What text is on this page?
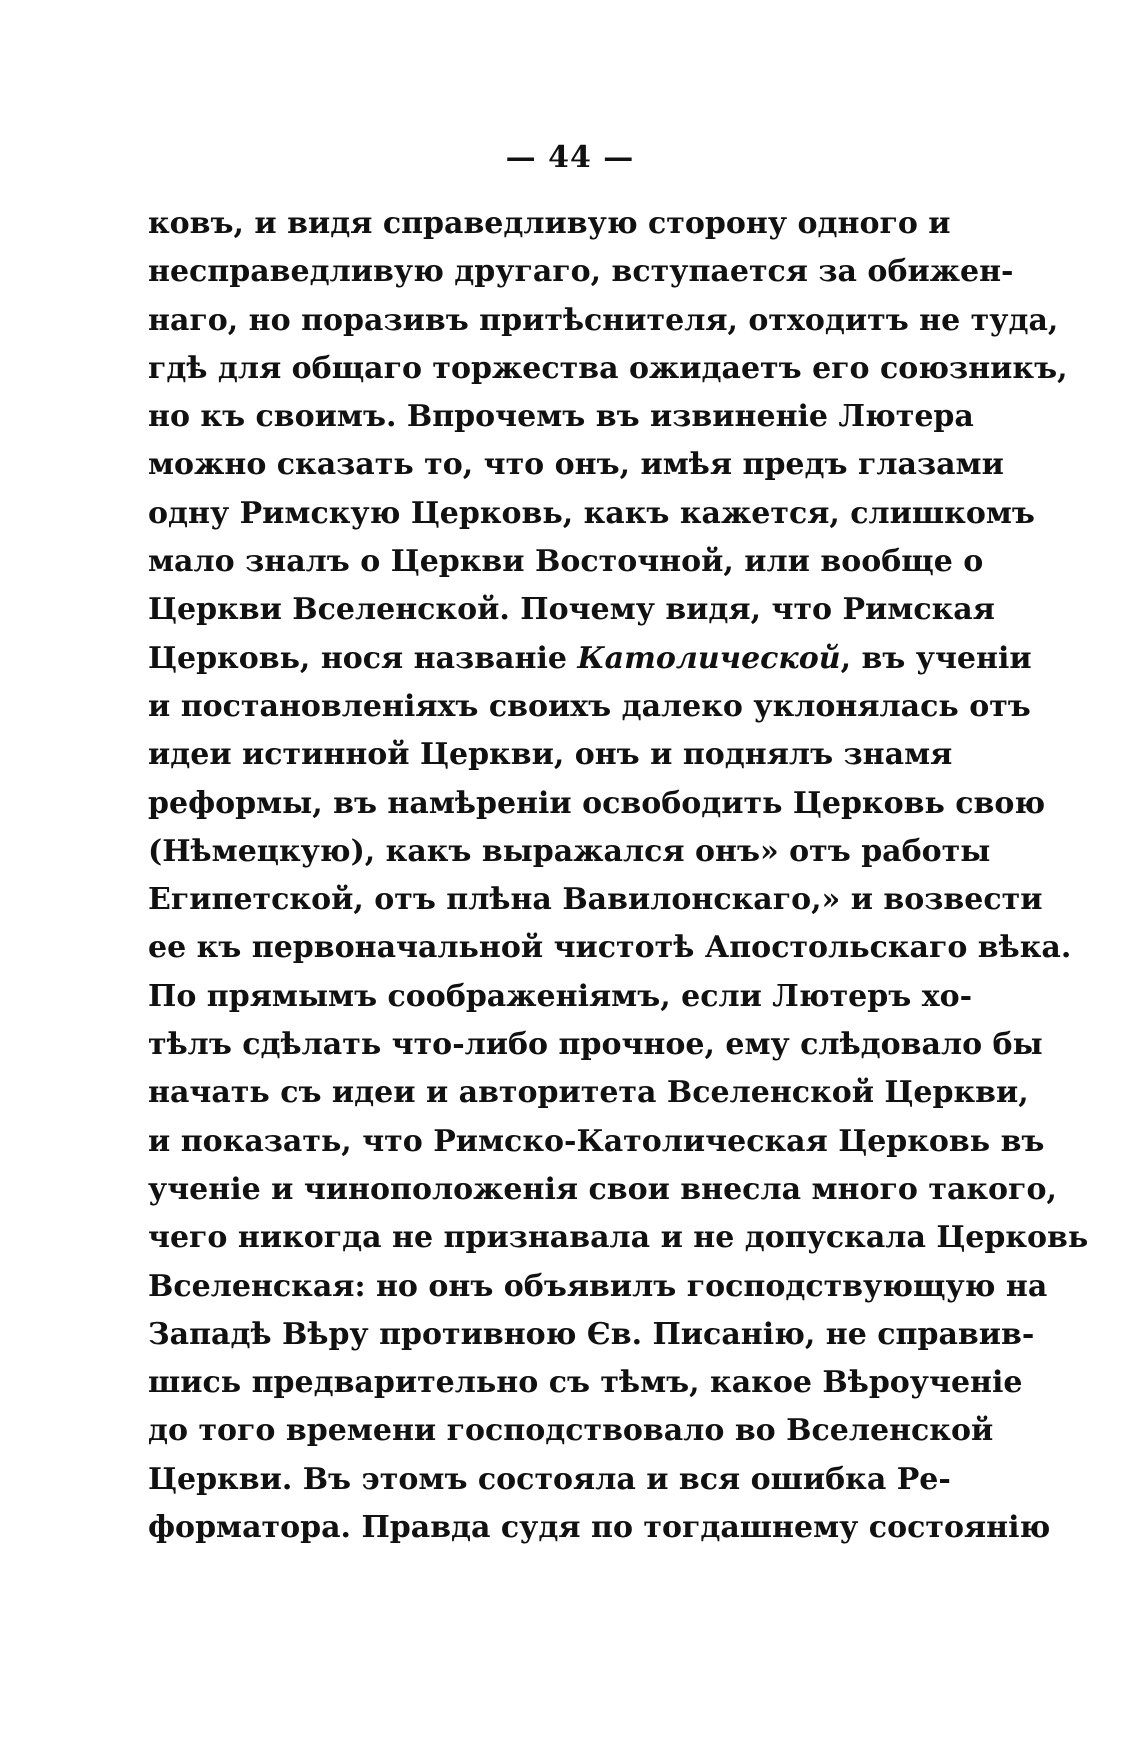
— 44 —
ковъ, и видя справедливую сторону одного и
несправедливую другаго, вступается за обижен-
наго, но поразивъ притѣснителя, отходитъ не туда,
гдѣ для общаго торжества ожидаетъ его союзникъ,
но къ своимъ. Впрочемъ въ извиненіе Лютера
можно сказать то, что онъ, имѣя предъ глазами
одну Римскую Церковь, какъ кажется, слишкомъ
мало зналъ о Церкви Восточной, или вообще о
Церкви Вселенской. Почему видя, что Римская
Церковь, нося названіе Католической, въ ученіи
и постановленіяхъ своихъ далеко уклонялась отъ
идеи истинной Церкви, онъ и поднялъ знамя
реформы, въ намѣреніи освободить Церковь свою
(Нѣмецкую), какъ выражался онъ» отъ работы
Египетской, отъ плѣна Вавилонскаго,» и возвести
ее къ первоначальной чистотѣ Апостольскаго вѣка.
По прямымъ соображеніямъ, если Лютеръ хо-
тѣлъ сдѣлать что-либо прочное, ему слѣдовало бы
начать съ идеи и авторитета Вселенской Церкви,
и показать, что Римско-Католическая Церковь въ
ученіе и чиноположенія свои внесла много такого,
чего никогда не признавала и не допускала Церковь
Вселенская: но онъ объявилъ господствующую на
Западѣ Вѣру противною Єв. Писанію, не справив-
шись предварительно съ тѣмъ, какое Вѣроученіе
до того времени господствовало во Вселенской
Церкви. Въ этомъ состояла и вся ошибка Ре-
форматора. Правда судя по тогдашнему состоянію
